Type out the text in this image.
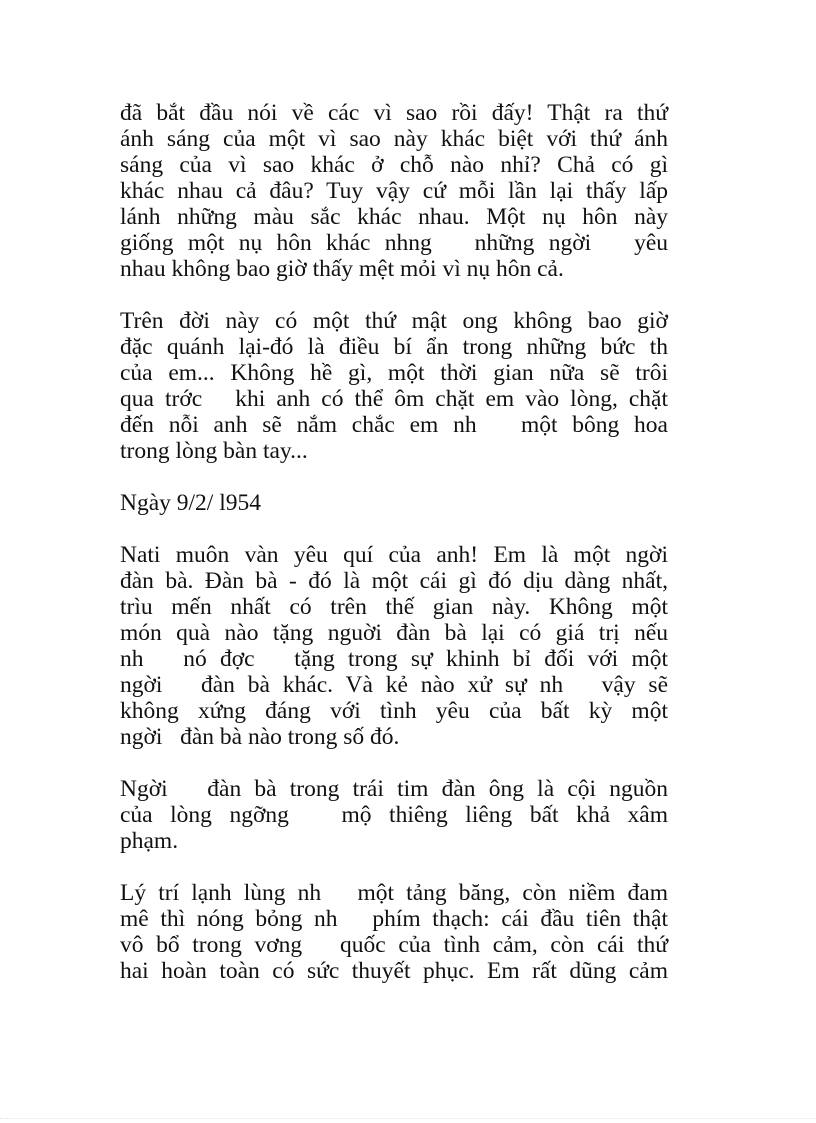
đã bắt đầu nói về các vì sao rồi đấy! Thật ra thứ
ánh sáng của một vì sao này khác biệt với thứ ánh
sáng của vì sao khác ở chỗ nào nhỉ? Chả có gì
khác nhau cả đâu? Tuy vậy cứ mỗi lần lại thấy lấp
lánh những màu sắc khác nhau. Một nụ hôn này
giống một nụ hôn khác nhng   những ngời   yêu
nhau không bao giờ thấy mệt mỏi vì nụ hôn cả.
Trên đời này có một thứ mật ong không bao giờ
đặc quánh lại-đó là điều bí ẩn trong những bức th
của em... Không hề gì, một thời gian nữa sẽ trôi
qua trớc   khi anh có thể ôm chặt em vào lòng, chặt
đến nỗi anh sẽ nắm chắc em nh   một bông hoa
trong lòng bàn tay...
Ngày 9/2/ l954
Nati muôn vàn yêu quí của anh! Em là một ngời
đàn bà. Đàn bà - đó là một cái gì đó dịu dàng nhất,
trìu mến nhất có trên thế gian này. Không một
món quà nào tặng nguời đàn bà lại có giá trị nếu
nh   nó đợc   tặng trong sự khinh bỉ đối với một
ngời   đàn bà khác. Và kẻ nào xử sự nh   vậy sẽ
không xứng đáng với tình yêu của bất kỳ một
ngời   đàn bà nào trong số đó.
Ngời   đàn bà trong trái tim đàn ông là cội nguồn
của lòng ngỡng   mộ thiêng liêng bất khả xâm
phạm.
Lý trí lạnh lùng nh   một tảng băng, còn niềm đam
mê thì nóng bỏng nh   phím thạch: cái đầu tiên thật
vô bổ trong vơng   quốc của tình cảm, còn cái thứ
hai hoàn toàn có sức thuyết phục. Em rất dũng cảm
